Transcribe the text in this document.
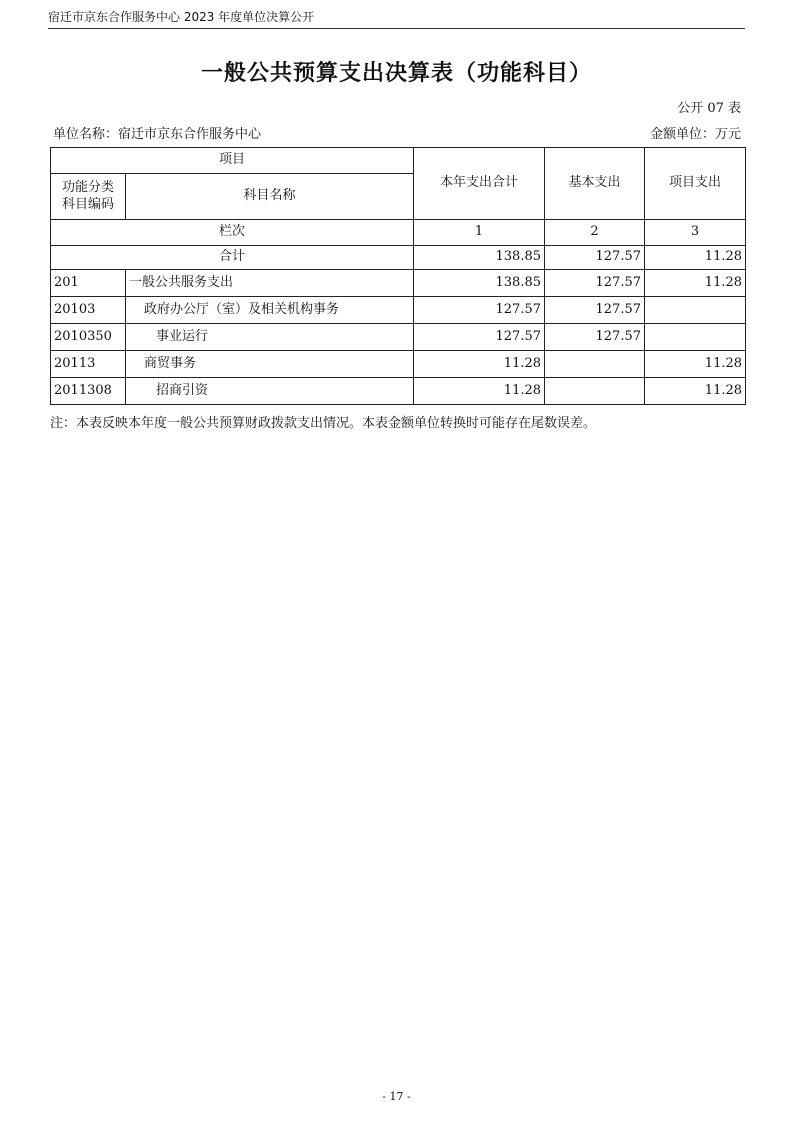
宿迁市京东合作服务中心 2023 年度单位决算公开
一般公共预算支出决算表（功能科目）
公开 07 表
单位名称：宿迁市京东合作服务中心	金额单位：万元
项目		本年支出合计	基本支出	项目支出
功能分类
科目编码	科目名称			
栏次		1	2	3
合计		138.85	127.57	11.28
201	一般公共服务支出	138.85	127.57	11.28
20103	政府办公厅（室）及相关机构事务	127.57	127.57	
2010350	事业运行	127.57	127.57	
20113	商贸事务	11.28		11.28
2011308	招商引资	11.28		11.28
注：本表反映本年度一般公共预算财政拨款支出情况。本表金额单位转换时可能存在尾数误差。
- 17 -
